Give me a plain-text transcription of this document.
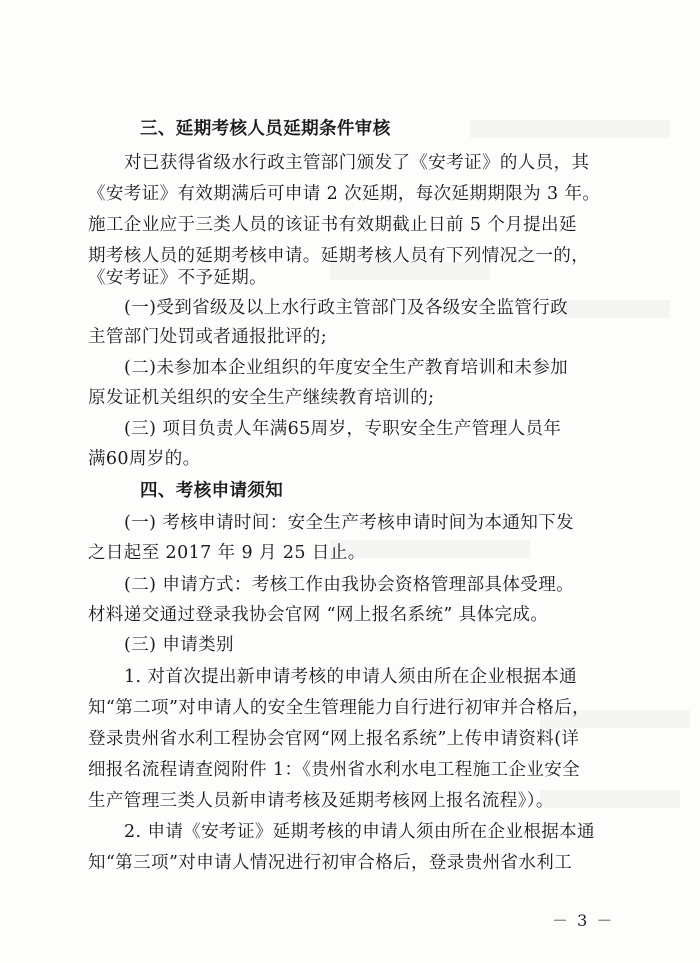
三、延期考核人员延期条件审核
对已获得省级水行政主管部门颁发了《安考证》的人员，其
《安考证》有效期满后可申请 2 次延期，每次延期期限为 3 年。
施工企业应于三类人员的该证书有效期截止日前 5 个月提出延
期考核人员的延期考核申请。延期考核人员有下列情况之一的，
《安考证》不予延期。
(一)受到省级及以上水行政主管部门及各级安全监管行政
主管部门处罚或者通报批评的;
(二)未参加本企业组织的年度安全生产教育培训和未参加
原发证机关组织的安全生产继续教育培训的;
(三) 项目负责人年满65周岁，专职安全生产管理人员年
满60周岁的。
四、考核申请须知
(一) 考核申请时间：安全生产考核申请时间为本通知下发
之日起至 2017 年 9 月 25 日止。
(二) 申请方式：考核工作由我协会资格管理部具体受理。
材料递交通过登录我协会官网 “网上报名系统” 具体完成。
(三) 申请类别
1. 对首次提出新申请考核的申请人须由所在企业根据本通
知“第二项”对申请人的安全生管理能力自行进行初审并合格后，
登录贵州省水利工程协会官网“网上报名系统”上传申请资料(详
细报名流程请查阅附件 1：《贵州省水利水电工程施工企业安全
生产管理三类人员新申请考核及延期考核网上报名流程》）。
2. 申请《安考证》延期考核的申请人须由所在企业根据本通
知“第三项”对申请人情况进行初审合格后，登录贵州省水利工
－ 3 －
